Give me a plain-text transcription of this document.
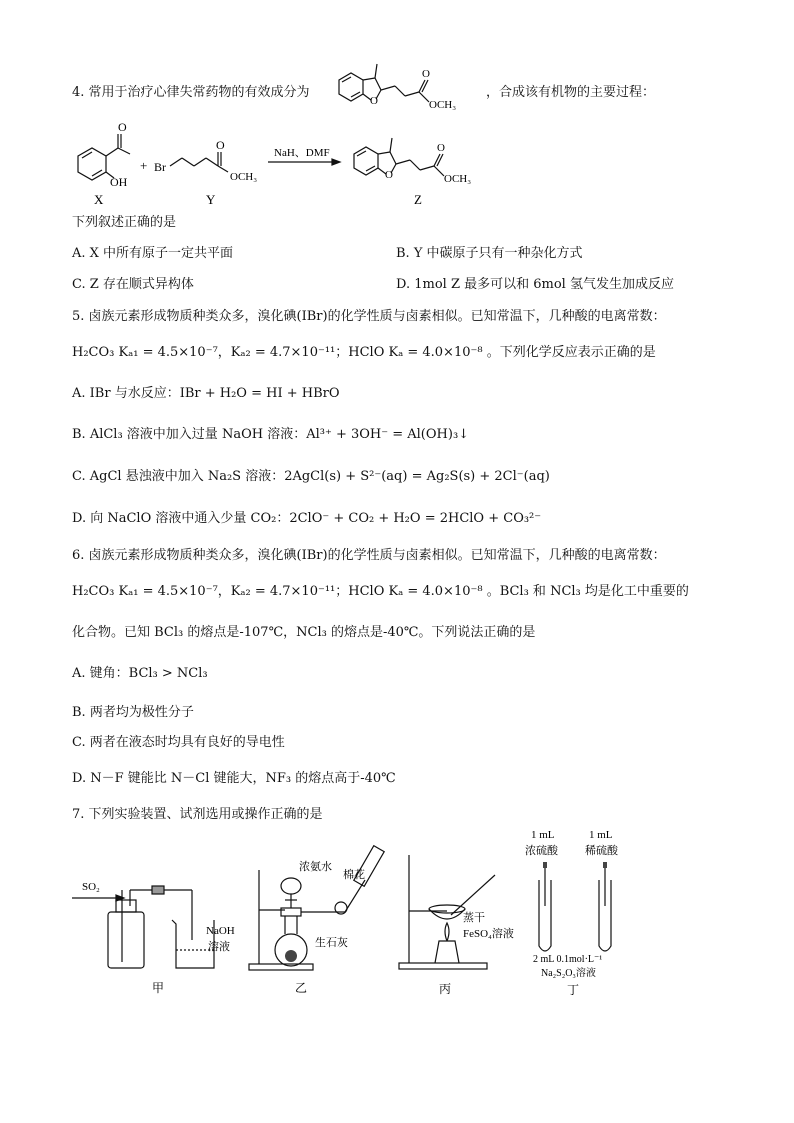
4. 常用于治疗心律失常药物的有效成分为
O
O
OCH₃
，合成该有机物的主要过程：
OH
O
+ Br
O
OCH₃
NaH、DMF
O
O
OCH₃
X	Y	Z
下列叙述正确的是
A. X 中所有原子一定共平面	B. Y 中碳原子只有一种杂化方式
C. Z 存在顺式异构体	D. 1mol Z 最多可以和 6mol 氢气发生加成反应
5. 卤族元素形成物质种类众多，溴化碘(IBr)的化学性质与卤素相似。已知常温下，几种酸的电离常数：
H₂CO₃ Kₐ₁ = 4.5×10⁻⁷，Kₐ₂ = 4.7×10⁻¹¹；HClO Kₐ = 4.0×10⁻⁸ 。下列化学反应表示正确的是
A. IBr 与水反应：IBr + H₂O = HI + HBrO
B. AlCl₃ 溶液中加入过量 NaOH 溶液：Al³⁺ + 3OH⁻ = Al(OH)₃↓
C. AgCl 悬浊液中加入 Na₂S 溶液：2AgCl(s) + S²⁻(aq) = Ag₂S(s) + 2Cl⁻(aq)
D. 向 NaClO 溶液中通入少量 CO₂：2ClO⁻ + CO₂ + H₂O = 2HClO + CO₃²⁻
6. 卤族元素形成物质种类众多，溴化碘(IBr)的化学性质与卤素相似。已知常温下，几种酸的电离常数：
H₂CO₃ Kₐ₁ = 4.5×10⁻⁷，Kₐ₂ = 4.7×10⁻¹¹；HClO Kₐ = 4.0×10⁻⁸ 。BCl₃ 和 NCl₃ 均是化工中重要的
化合物。已知 BCl₃ 的熔点是-107℃，NCl₃ 的熔点是-40℃。下列说法正确的是
A. 键角：BCl₃ > NCl₃
B. 两者均为极性分子
C. 两者在液态时均具有良好的导电性
D. N－F 键能比 N－Cl 键能大，NF₃ 的熔点高于-40℃
7. 下列实验装置、试剂选用或操作正确的是
SO₂
NaOH
溶液
甲
浓氨水
棉花
生石灰
乙
蒸干
FeSO₄溶液
丙
1 mL
浓硫酸
1 mL
稀硫酸
2 mL 0.1mol·L⁻¹
Na₂S₂O₃溶液
丁
